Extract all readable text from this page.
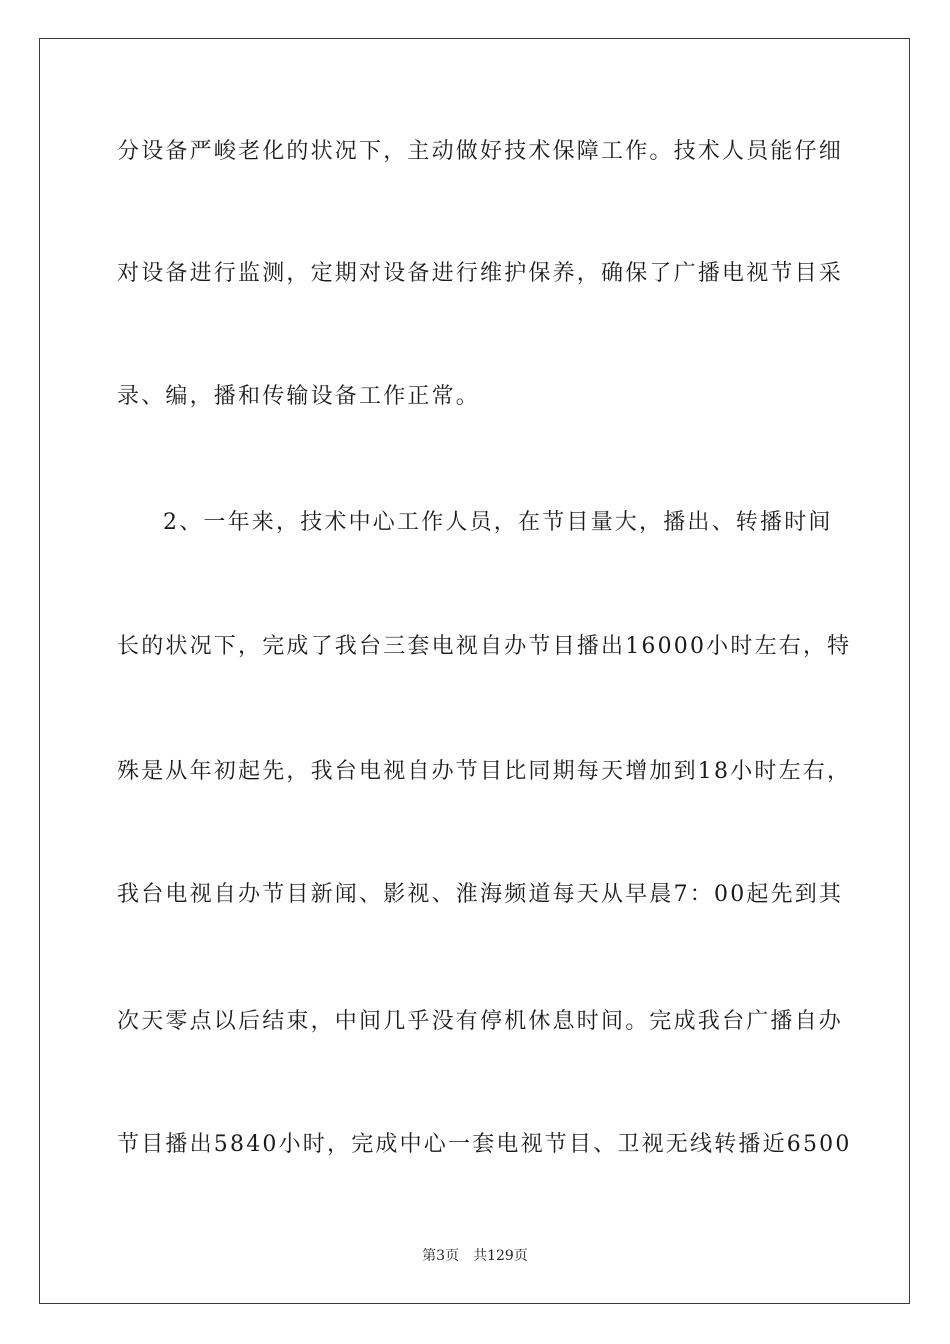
分设备严峻老化的状况下，主动做好技术保障工作。技术人员能仔细
对设备进行监测，定期对设备进行维护保养，确保了广播电视节目采
录、编，播和传输设备工作正常。
2、一年来，技术中心工作人员，在节目量大，播出、转播时间
长的状况下，完成了我台三套电视自办节目播出16000小时左右，特
殊是从年初起先，我台电视自办节目比同期每天增加到18小时左右，
我台电视自办节目新闻、影视、淮海频道每天从早晨7：00起先到其
次天零点以后结束，中间几乎没有停机休息时间。完成我台广播自办
节目播出5840小时，完成中心一套电视节目、卫视无线转播近6500
第3页 共129页
